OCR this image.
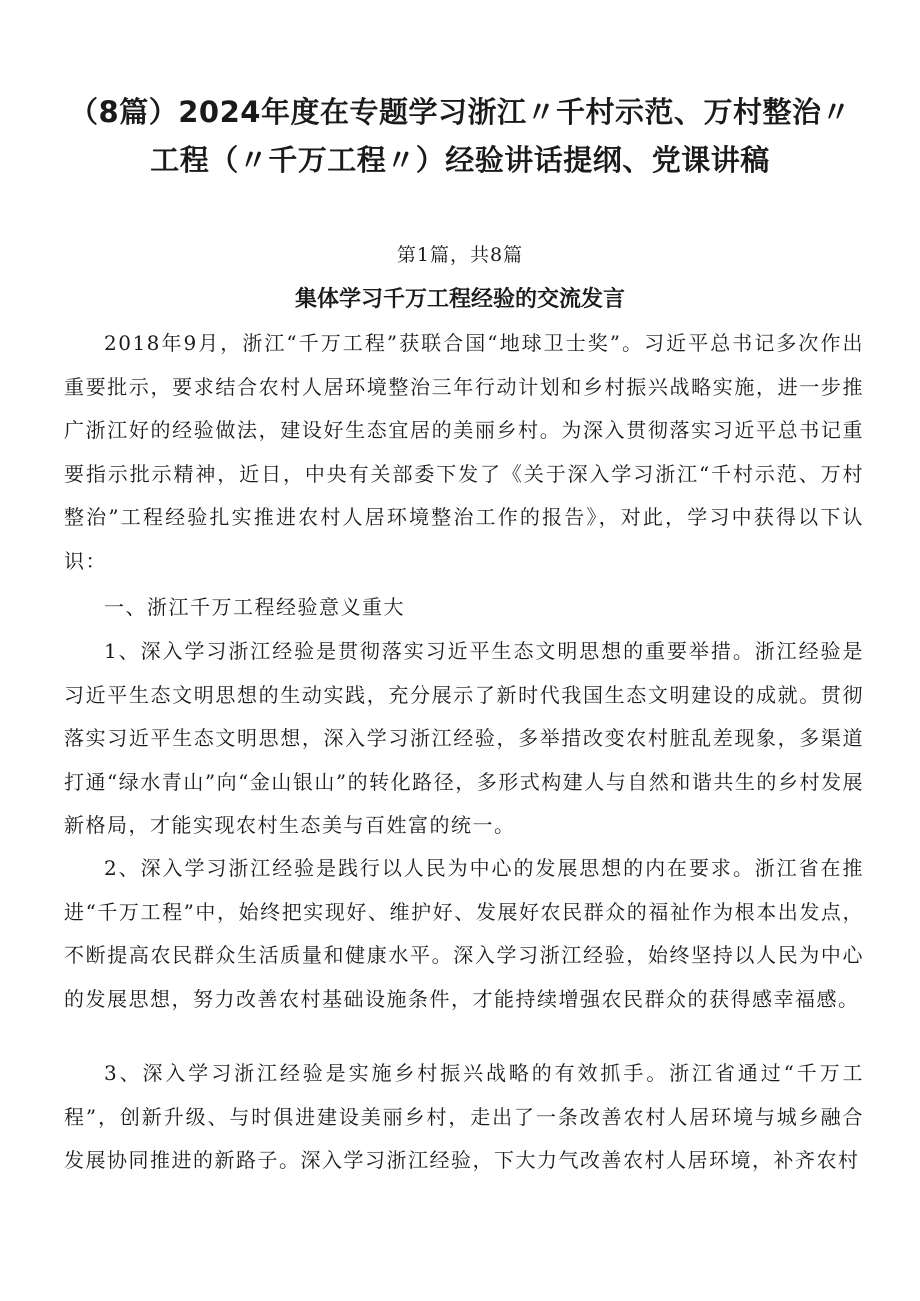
（8篇）2024年度在专题学习浙江〃千村示范、万村整治〃工程（〃千万工程〃）经验讲话提纲、党课讲稿
第1篇，共8篇
集体学习千万工程经验的交流发言

2018年9月，浙江“千万工程”获联合国“地球卫士奖”。习近平总书记多次作出重要批示，要求结合农村人居环境整治三年行动计划和乡村振兴战略实施，进一步推广浙江好的经验做法，建设好生态宜居的美丽乡村。为深入贯彻落实习近平总书记重要指示批示精神，近日，中央有关部委下发了《关于深入学习浙江“千村示范、万村整治”工程经验扎实推进农村人居环境整治工作的报告》，对此，学习中获得以下认识：

一、浙江千万工程经验意义重大

1、深入学习浙江经验是贯彻落实习近平生态文明思想的重要举措。浙江经验是习近平生态文明思想的生动实践，充分展示了新时代我国生态文明建设的成就。贯彻落实习近平生态文明思想，深入学习浙江经验，多举措改变农村脏乱差现象，多渠道打通“绿水青山”向“金山银山”的转化路径，多形式构建人与自然和谐共生的乡村发展新格局，才能实现农村生态美与百姓富的统一。

2、深入学习浙江经验是践行以人民为中心的发展思想的内在要求。浙江省在推进“千万工程”中，始终把实现好、维护好、发展好农民群众的福祉作为根本出发点，不断提高农民群众生活质量和健康水平。深入学习浙江经验，始终坚持以人民为中心的发展思想，努力改善农村基础设施条件，才能持续增强农民群众的获得感幸福感。

3、深入学习浙江经验是实施乡村振兴战略的有效抓手。浙江省通过“千万工程”，创新升级、与时俱进建设美丽乡村，走出了一条改善农村人居环境与城乡融合发展协同推进的新路子。深入学习浙江经验，下大力气改善农村人居环境，补齐农村
